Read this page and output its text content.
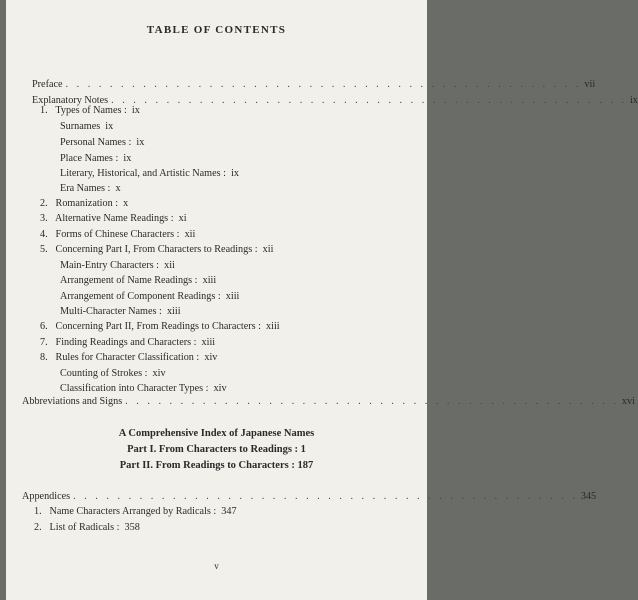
TABLE OF CONTENTS
Preface . . . . . . . . . . . . . . . . . . . . . . . . . . . . . . . . . . . . . . . . . . . . . . . vii
Explanatory Notes . . . . . . . . . . . . . . . . . . . . . . . . . . . . . . . . . . . . . . . . . . . . . . . ix
1. Types of Names : ix
Surnames ix
Personal Names : ix
Place Names : ix
Literary, Historical, and Artistic Names : ix
Era Names : x
2. Romanization : x
3. Alternative Name Readings : xi
4. Forms of Chinese Characters : xii
5. Concerning Part I, From Characters to Readings : xii
Main-Entry Characters : xii
Arrangement of Name Readings : xiii
Arrangement of Component Readings : xiii
Multi-Character Names : xiii
6. Concerning Part II, From Readings to Characters : xiii
7. Finding Readings and Characters : xiii
8. Rules for Character Classification : xiv
Counting of Strokes : xiv
Classification into Character Types : xiv
Abbreviations and Signs . . . . . . . . . . . . . . . . . . . . . . . . . . . . . . . . . . . . . . . . . . . . . xvi
A Comprehensive Index of Japanese Names
Part I. From Characters to Readings : 1
Part II. From Readings to Characters : 187
Appendices . . . . . . . . . . . . . . . . . . . . . . . . . . . . . . . . . . . . . . . . . . . . . . 345
1. Name Characters Arranged by Radicals : 347
2. List of Radicals : 358
v
